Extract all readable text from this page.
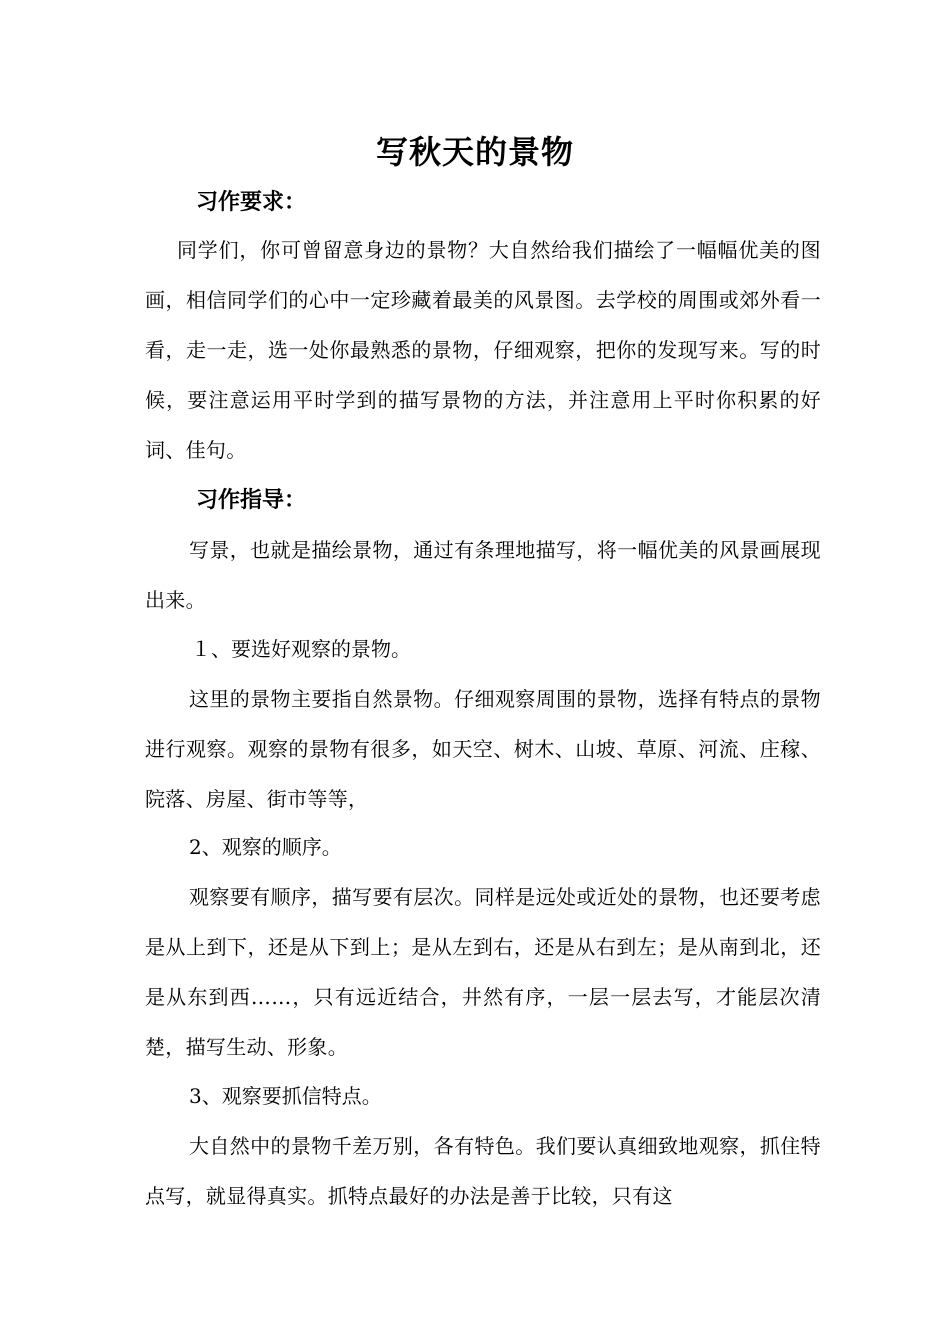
写秋天的景物
习作要求：

同学们，你可曾留意身边的景物？大自然给我们描绘了一幅幅优美的图画，相信同学们的心中一定珍藏着最美的风景图。去学校的周围或郊外看一看，走一走，选一处你最熟悉的景物，仔细观察，把你的发现写来。写的时候，要注意运用平时学到的描写景物的方法，并注意用上平时你积累的好词、佳句。

习作指导：

写景，也就是描绘景物，通过有条理地描写，将一幅优美的风景画展现出来。

１、要选好观察的景物。

这里的景物主要指自然景物。仔细观察周围的景物，选择有特点的景物进行观察。观察的景物有很多，如天空、树木、山坡、草原、河流、庄稼、院落、房屋、街市等等，

2、观察的顺序。

观察要有顺序，描写要有层次。同样是远处或近处的景物，也还要考虑是从上到下，还是从下到上；是从左到右，还是从右到左；是从南到北，还是从东到西……，只有远近结合，井然有序，一层一层去写，才能层次清楚，描写生动、形象。

3、观察要抓信特点。

大自然中的景物千差万别，各有特色。我们要认真细致地观察，抓住特点写，就显得真实。抓特点最好的办法是善于比较，只有这
